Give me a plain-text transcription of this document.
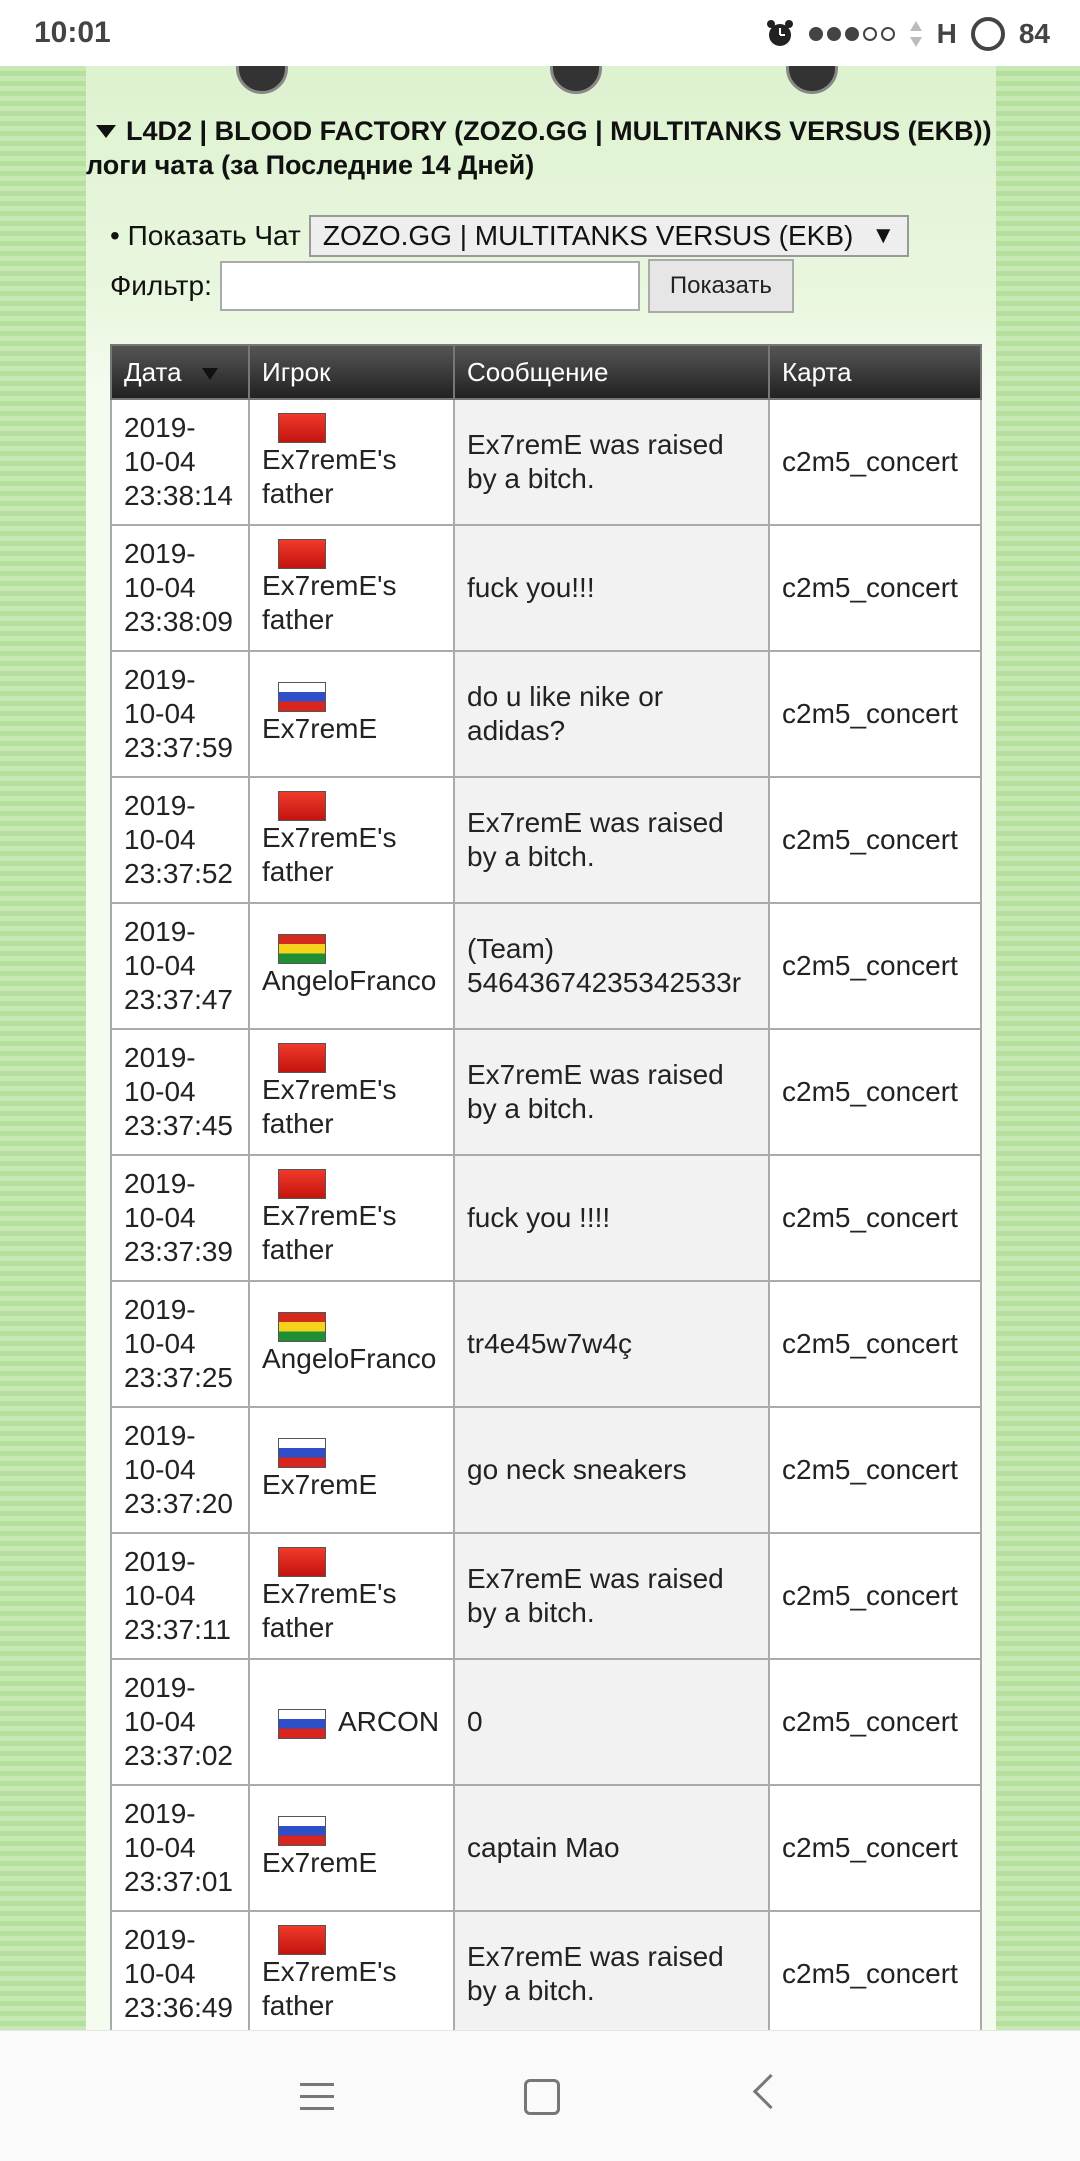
10:01	H 84
L4D2 | BLOOD FACTORY (ZOZO.GG | MULTITANKS VERSUS (EKB))
логи чата (за Последние 14 Дней)
• Показать Чат ZOZO.GG | MULTITANKS VERSUS (EKB) ▼
Фильтр:	Показать
Дата	Игрок	Сообщение	Карта
2019-10-04 23:38:14	Ex7remE's father	Ex7remE was raised by a bitch.	c2m5_concert
2019-10-04 23:38:09	Ex7remE's father	fuck you!!!	c2m5_concert
2019-10-04 23:37:59	Ex7remE	do u like nike or adidas?	c2m5_concert
2019-10-04 23:37:52	Ex7remE's father	Ex7remE was raised by a bitch.	c2m5_concert
2019-10-04 23:37:47	AngeloFranco	(Team) 54643674235342533r	c2m5_concert
2019-10-04 23:37:45	Ex7remE's father	Ex7remE was raised by a bitch.	c2m5_concert
2019-10-04 23:37:39	Ex7remE's father	fuck you !!!!	c2m5_concert
2019-10-04 23:37:25	AngeloFranco	tr4e45w7w4ç	c2m5_concert
2019-10-04 23:37:20	Ex7remE	go neck sneakers	c2m5_concert
2019-10-04 23:37:11	Ex7remE's father	Ex7remE was raised by a bitch.	c2m5_concert
2019-10-04 23:37:02	ARCON	0	c2m5_concert
2019-10-04 23:37:01	Ex7remE	captain Mao	c2m5_concert
2019-10-04 23:36:49	Ex7remE's father	Ex7remE was raised by a bitch.	c2m5_concert
